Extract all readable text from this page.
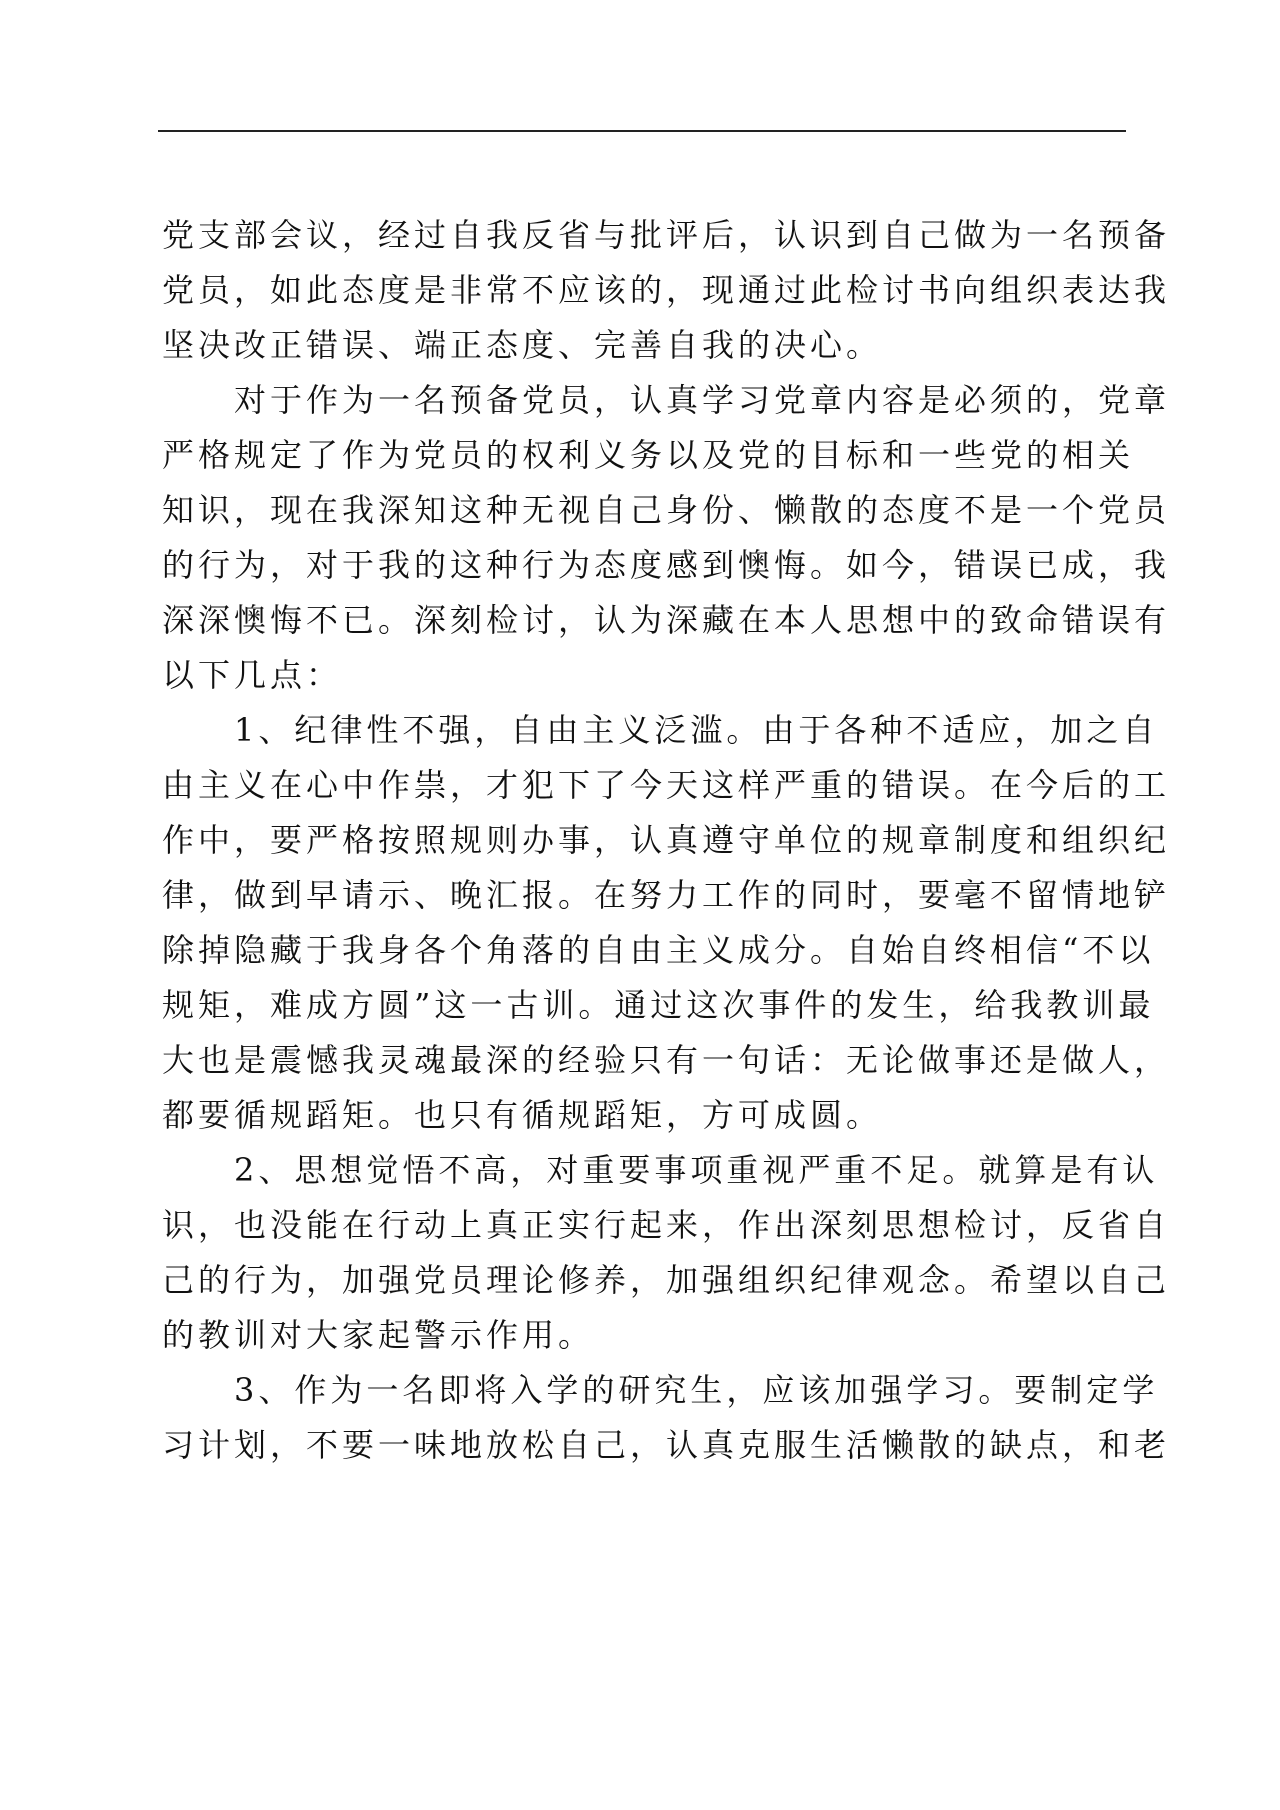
党支部会议，经过自我反省与批评后，认识到自己做为一名预备
党员，如此态度是非常不应该的，现通过此检讨书向组织表达我
坚决改正错误、端正态度、完善自我的决心。
对于作为一名预备党员，认真学习党章内容是必须的，党章
严格规定了作为党员的权利义务以及党的目标和一些党的相关
知识，现在我深知这种无视自己身份、懒散的态度不是一个党员
的行为，对于我的这种行为态度感到懊悔。如今，错误已成，我
深深懊悔不已。深刻检讨，认为深藏在本人思想中的致命错误有
以下几点：
1、纪律性不强，自由主义泛滥。由于各种不适应，加之自
由主义在心中作祟，才犯下了今天这样严重的错误。在今后的工
作中，要严格按照规则办事，认真遵守单位的规章制度和组织纪
律，做到早请示、晚汇报。在努力工作的同时，要毫不留情地铲
除掉隐藏于我身各个角落的自由主义成分。自始自终相信“不以
规矩，难成方圆”这一古训。通过这次事件的发生，给我教训最
大也是震憾我灵魂最深的经验只有一句话：无论做事还是做人，
都要循规蹈矩。也只有循规蹈矩，方可成圆。
2、思想觉悟不高，对重要事项重视严重不足。就算是有认
识，也没能在行动上真正实行起来，作出深刻思想检讨，反省自
己的行为，加强党员理论修养，加强组织纪律观念。希望以自己
的教训对大家起警示作用。
3、作为一名即将入学的研究生，应该加强学习。要制定学
习计划，不要一味地放松自己，认真克服生活懒散的缺点，和老
